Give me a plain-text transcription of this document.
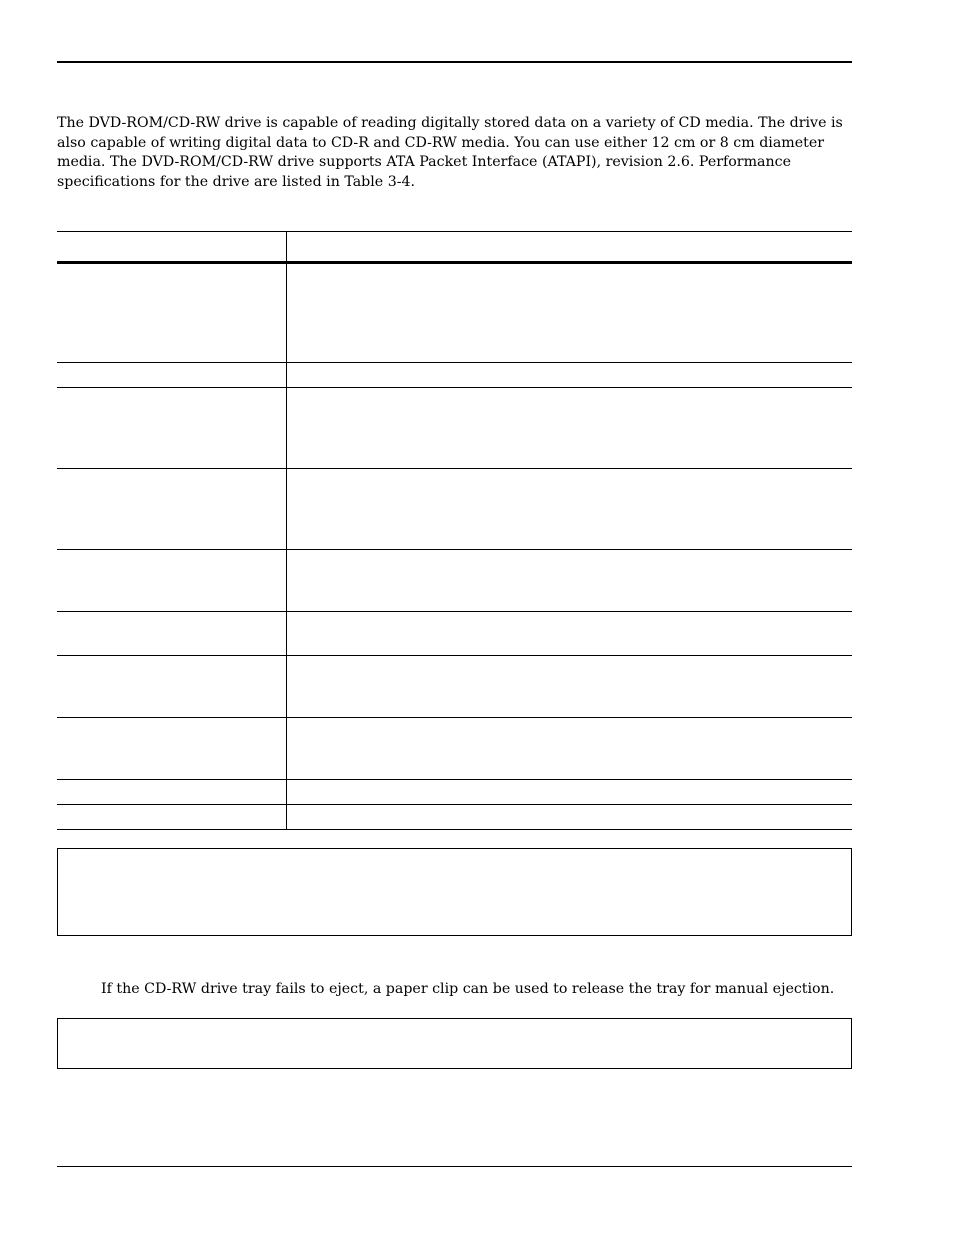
The DVD-ROM/CD-RW drive is capable of reading digitally stored data on a variety of CD media. The drive is
also capable of writing digital data to CD-R and CD-RW media. You can use either 12 cm or 8 cm diameter
media. The DVD-ROM/CD-RW drive supports ATA Packet Interface (ATAPI), revision 2.6. Performance
specifications for the drive are listed in Table 3-4.

If the CD-RW drive tray fails to eject, a paper clip can be used to release the tray for manual ejection.
